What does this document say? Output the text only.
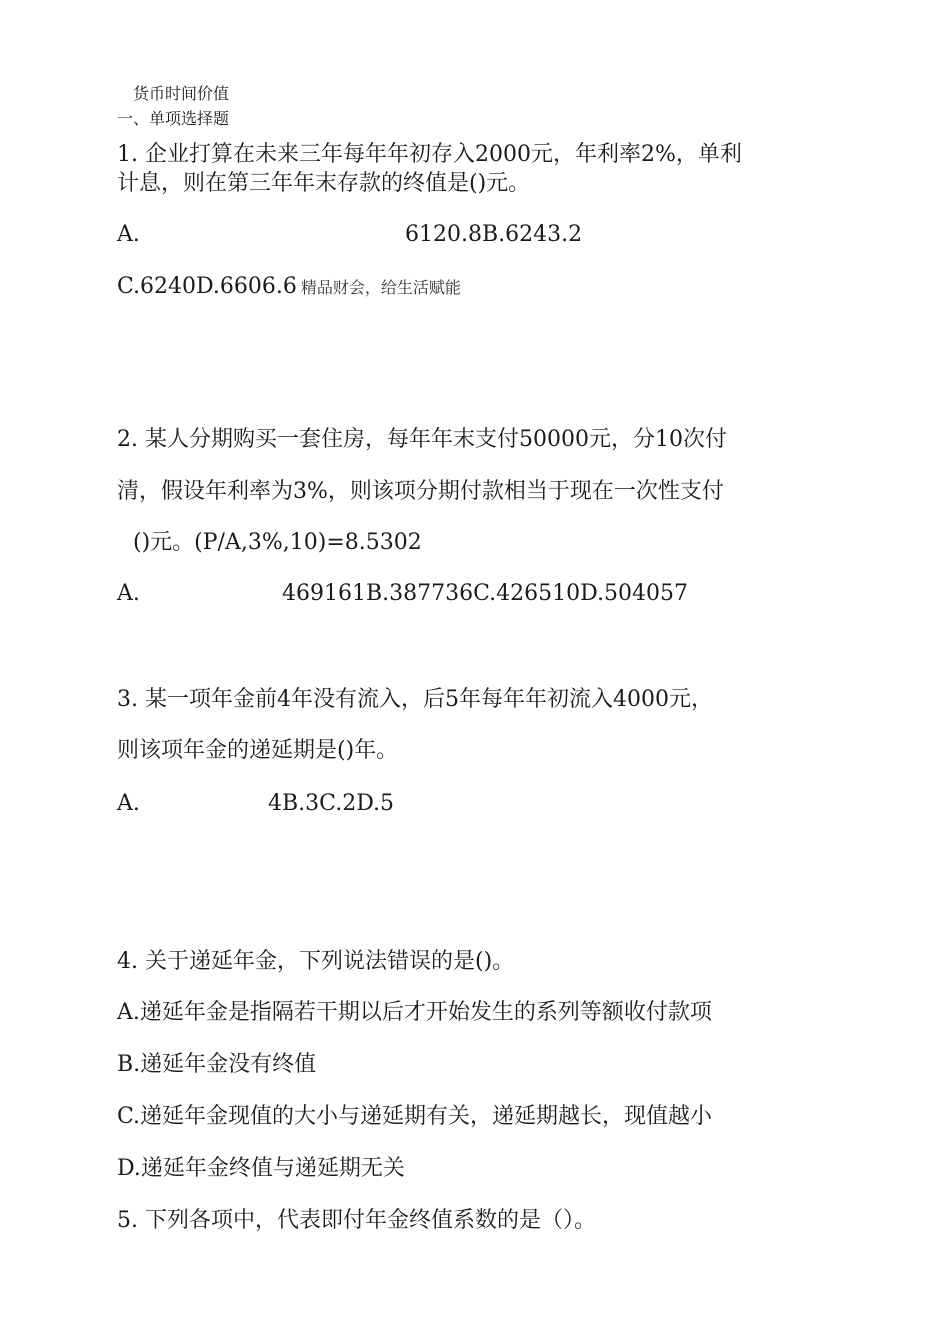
货币时间价值
一、单项选择题
1. 企业打算在未来三年每年年初存入2000元，年利率2%，单利
计息，则在第三年年末存款的终值是()元。
A.	6120.8B.6243.2
C.6240D.6606.6 精品财会，给生活赋能
2. 某人分期购买一套住房，每年年末支付50000元，分10次付
清，假设年利率为3%，则该项分期付款相当于现在一次性支付
()元。(P/A,3%,10)=8.5302
A.	469161B.387736C.426510D.504057
3. 某一项年金前4年没有流入，后5年每年年初流入4000元，
则该项年金的递延期是()年。
A.	4B.3C.2D.5
4. 关于递延年金，下列说法错误的是()。
A.递延年金是指隔若干期以后才开始发生的系列等额收付款项
B.递延年金没有终值
C.递延年金现值的大小与递延期有关，递延期越长，现值越小
D.递延年金终值与递延期无关
5. 下列各项中，代表即付年金终值系数的是（）。
